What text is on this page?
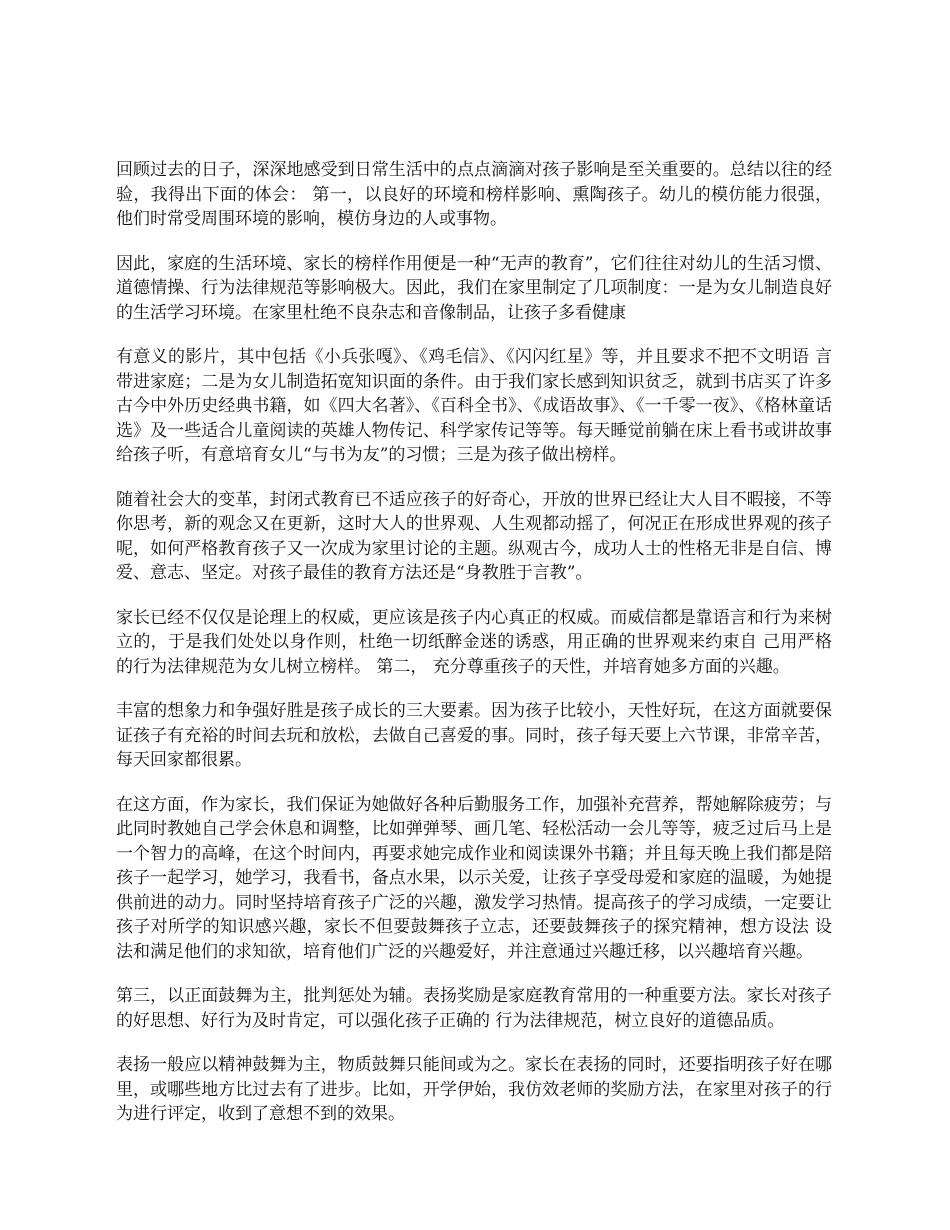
回顾过去的日子，深深地感受到日常生活中的点点滴滴对孩子影响是至关重要的。总结以往的经验，我得出下面的体会： 第一，以良好的环境和榜样影响、熏陶孩子。幼儿的模仿能力很强，他们时常受周围环境的影响，模仿身边的人或事物。

因此，家庭的生活环境、家长的榜样作用便是一种“无声的教育”，它们往往对幼儿的生活习惯、道德情操、行为法律规范等影响极大。因此，我们在家里制定了几项制度：一是为女儿制造良好的生活学习环境。在家里杜绝不良杂志和音像制品，让孩子多看健康

有意义的影片，其中包括《小兵张嘎》、《鸡毛信》、《闪闪红星》等，并且要求不把不文明语 言带进家庭；二是为女儿制造拓宽知识面的条件。由于我们家长感到知识贫乏，就到书店买了许多古今中外历史经典书籍，如《四大名著》、《百科全书》、《成语故事》、《一千零一夜》、《格林童话选》及一些适合儿童阅读的英雄人物传记、科学家传记等等。每天睡觉前躺在床上看书或讲故事给孩子听，有意培育女儿“与书为友”的习惯；三是为孩子做出榜样。

随着社会大的变革，封闭式教育已不适应孩子的好奇心，开放的世界已经让大人目不暇接，不等你思考，新的观念又在更新，这时大人的世界观、人生观都动摇了，何况正在形成世界观的孩子呢，如何严格教育孩子又一次成为家里讨论的主题。纵观古今，成功人士的性格无非是自信、博爱、意志、坚定。对孩子最佳的教育方法还是“身教胜于言教”。

家长已经不仅仅是论理上的权威，更应该是孩子内心真正的权威。而威信都是靠语言和行为来树立的，于是我们处处以身作则，杜绝一切纸醉金迷的诱惑，用正确的世界观来约束自 己用严格的行为法律规范为女儿树立榜样。 第二， 充分尊重孩子的天性，并培育她多方面的兴趣。

丰富的想象力和争强好胜是孩子成长的三大要素。因为孩子比较小，天性好玩，在这方面就要保证孩子有充裕的时间去玩和放松，去做自己喜爱的事。同时，孩子每天要上六节课，非常辛苦，每天回家都很累。

在这方面，作为家长，我们保证为她做好各种后勤服务工作，加强补充营养，帮她解除疲劳；与此同时教她自己学会休息和调整，比如弹弹琴、画几笔、轻松活动一会儿等等，疲乏过后马上是一个智力的高峰，在这个时间内，再要求她完成作业和阅读课外书籍；并且每天晚上我们都是陪孩子一起学习，她学习，我看书，备点水果，以示关爱，让孩子享受母爱和家庭的温暖，为她提供前进的动力。同时坚持培育孩子广泛的兴趣，激发学习热情。提高孩子的学习成绩，一定要让孩子对所学的知识感兴趣，家长不但要鼓舞孩子立志，还要鼓舞孩子的探究精神，想方设法 设法和满足他们的求知欲，培育他们广泛的兴趣爱好，并注意通过兴趣迁移，以兴趣培育兴趣。

第三，以正面鼓舞为主，批判惩处为辅。表扬奖励是家庭教育常用的一种重要方法。家长对孩子的好思想、好行为及时肯定，可以强化孩子正确的 行为法律规范，树立良好的道德品质。

表扬一般应以精神鼓舞为主，物质鼓舞只能间或为之。家长在表扬的同时，还要指明孩子好在哪里，或哪些地方比过去有了进步。比如，开学伊始，我仿效老师的奖励方法，在家里对孩子的行为进行评定，收到了意想不到的效果。
